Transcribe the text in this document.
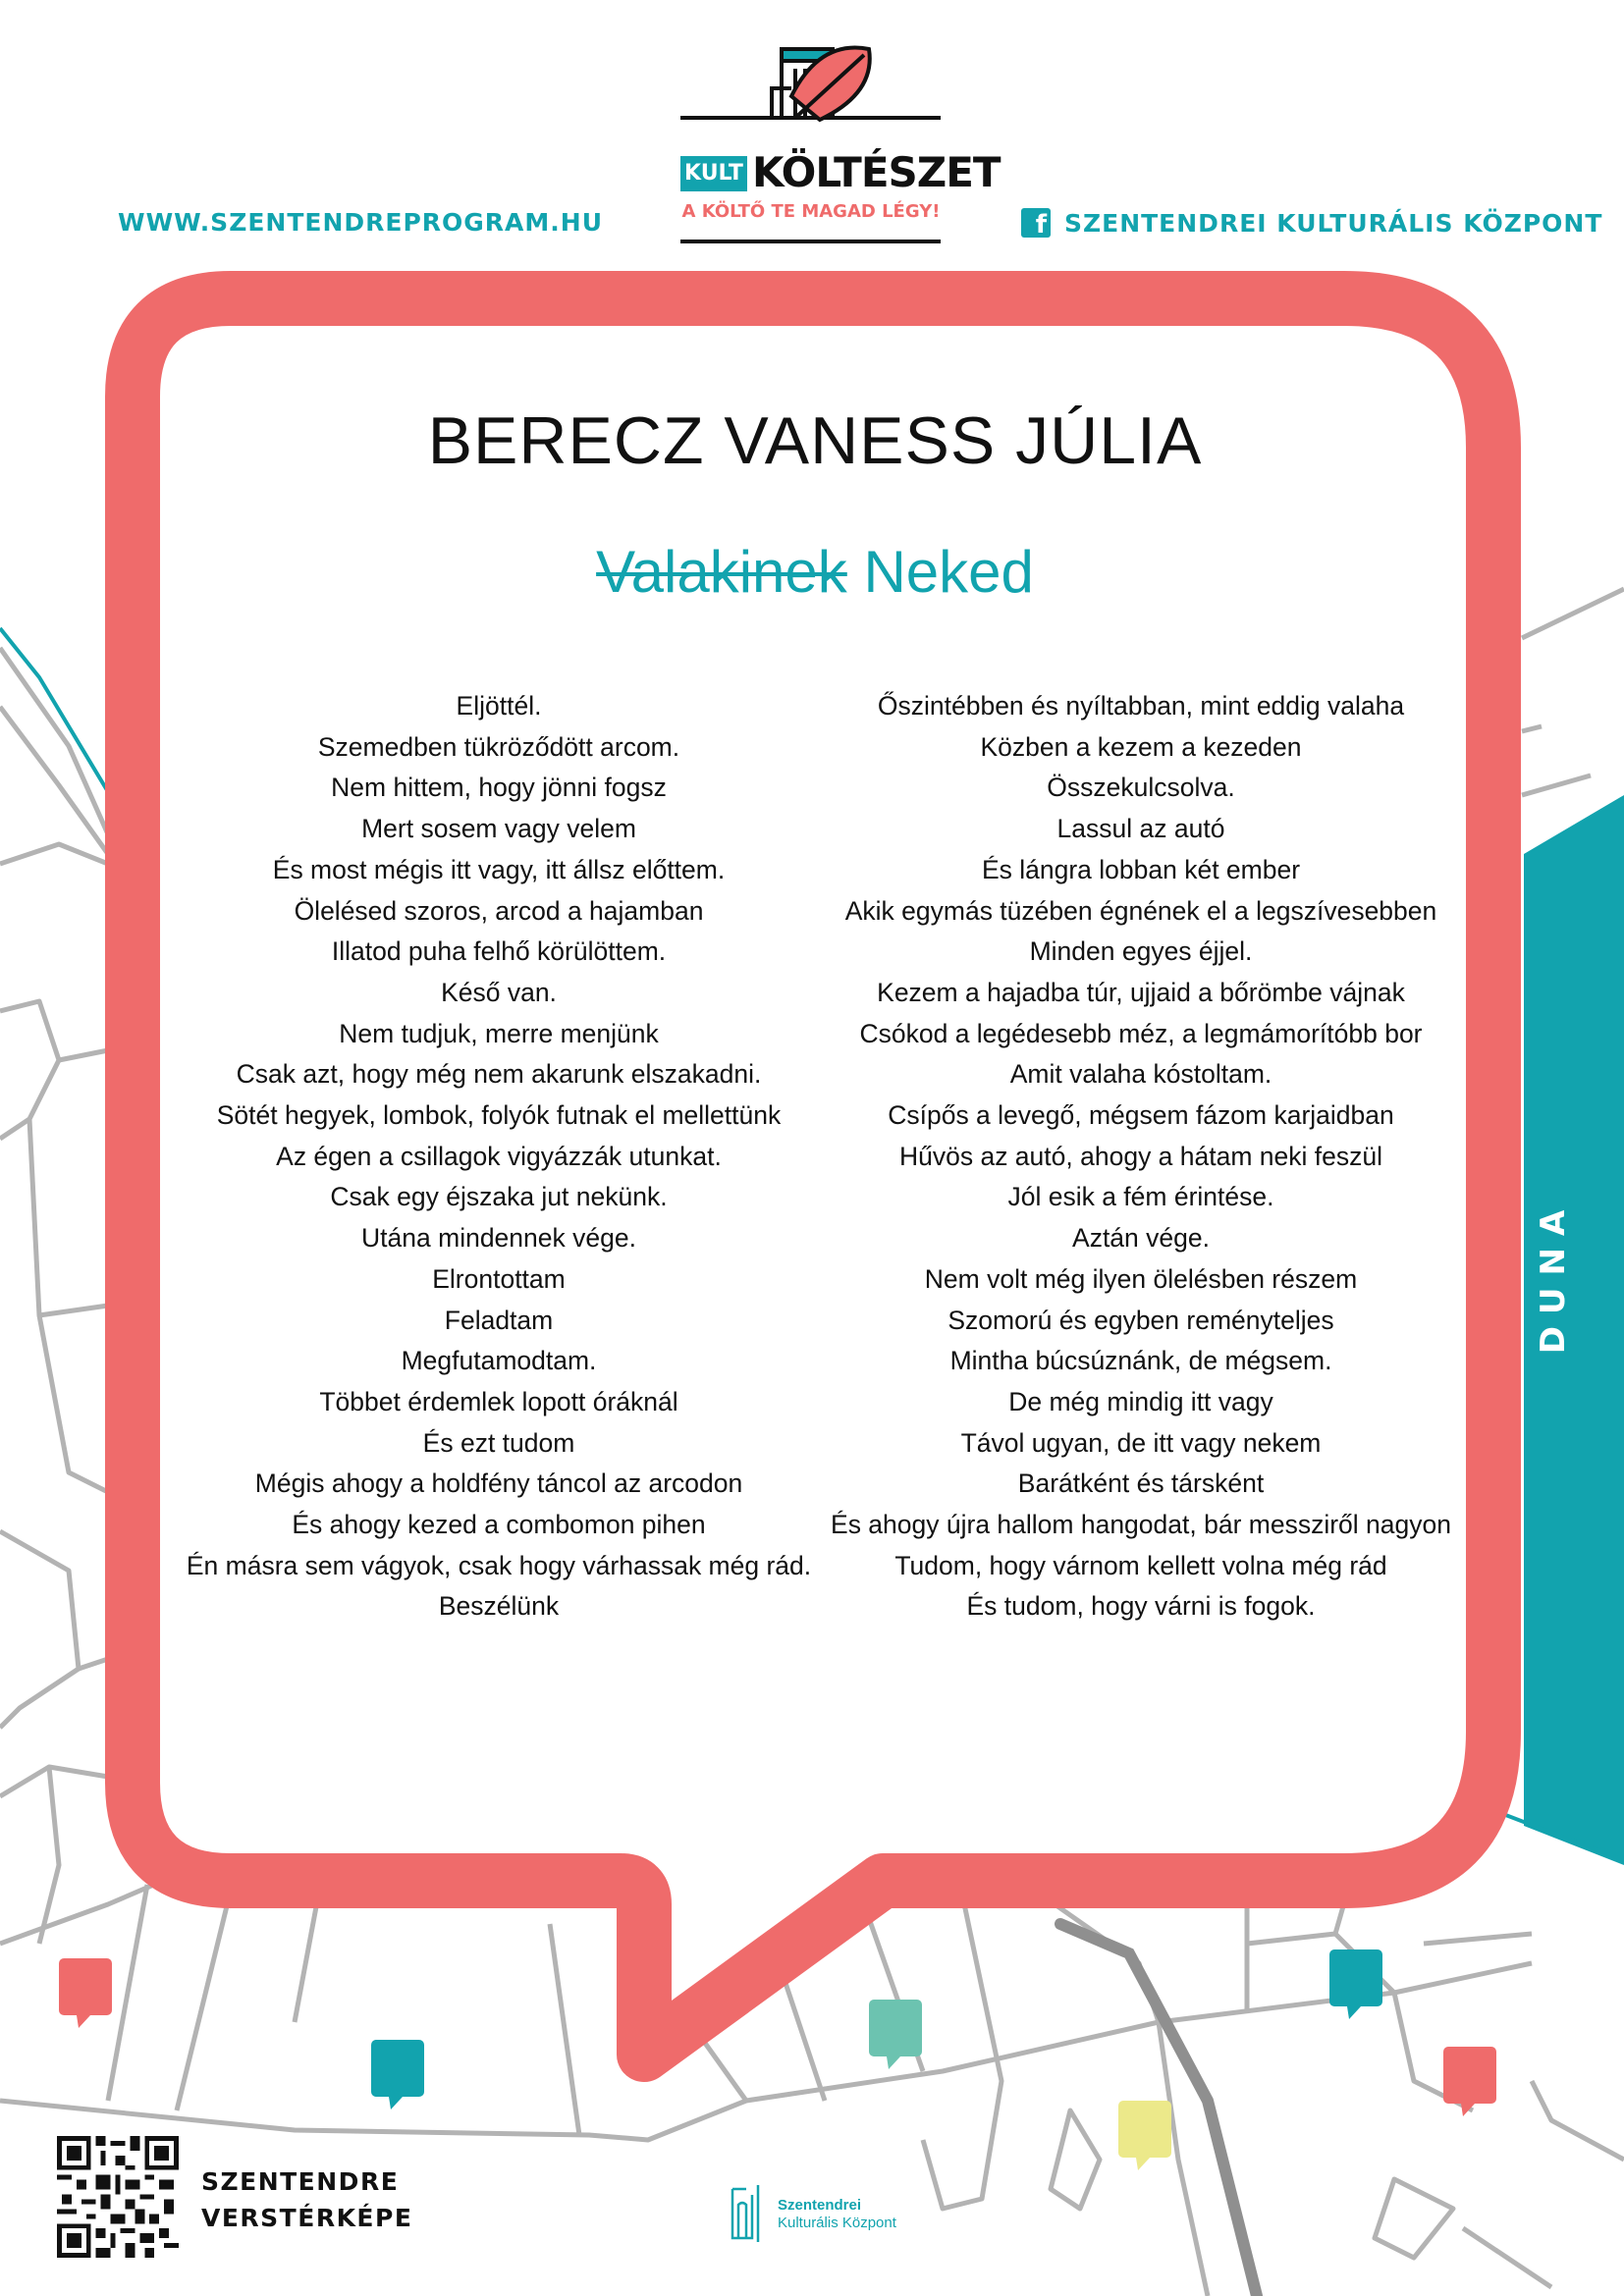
WWW.SZENTENDREPROGRAM.HU	f SZENTENDREI KULTURÁLIS KÖZPONT
KULT KÖLTÉSZET
A KÖLTŐ TE MAGAD LÉGY!
BERECZ VANESS JÚLIA
Valakinek Neked
Eljöttél.
Szemedben tükröződött arcom.
Nem hittem, hogy jönni fogsz
Mert sosem vagy velem
És most mégis itt vagy, itt állsz előttem.
Ölelésed szoros, arcod a hajamban
Illatod puha felhő körülöttem.
Késő van.
Nem tudjuk, merre menjünk
Csak azt, hogy még nem akarunk elszakadni.
Sötét hegyek, lombok, folyók futnak el mellettünk
Az égen a csillagok vigyázzák utunkat.
Csak egy éjszaka jut nekünk.
Utána mindennek vége.
Elrontottam
Feladtam
Megfutamodtam.
Többet érdemlek lopott óráknál
És ezt tudom
Mégis ahogy a holdfény táncol az arcodon
És ahogy kezed a combomon pihen
Én másra sem vágyok, csak hogy várhassak még rád.
Beszélünk
Őszintébben és nyíltabban, mint eddig valaha
Közben a kezem a kezeden
Összekulcsolva.
Lassul az autó
És lángra lobban két ember
Akik egymás tüzében égnének el a legszívesebben
Minden egyes éjjel.
Kezem a hajadba túr, ujjaid a bőrömbe vájnak
Csókod a legédesebb méz, a legmámorítóbb bor
Amit valaha kóstoltam.
Csípős a levegő, mégsem fázom karjaidban
Hűvös az autó, ahogy a hátam neki feszül
Jól esik a fém érintése.
Aztán vége.
Nem volt még ilyen ölelésben részem
Szomorú és egyben reményteljes
Mintha búcsúznánk, de mégsem.
De még mindig itt vagy
Távol ugyan, de itt vagy nekem
Barátként és társként
És ahogy újra hallom hangodat, bár messziről nagyon
Tudom, hogy várnom kellett volna még rád
És tudom, hogy várni is fogok.
DUNA
SZENTENDRE
VERSTÉRKÉPE	Szentendrei
Kulturális Központ
